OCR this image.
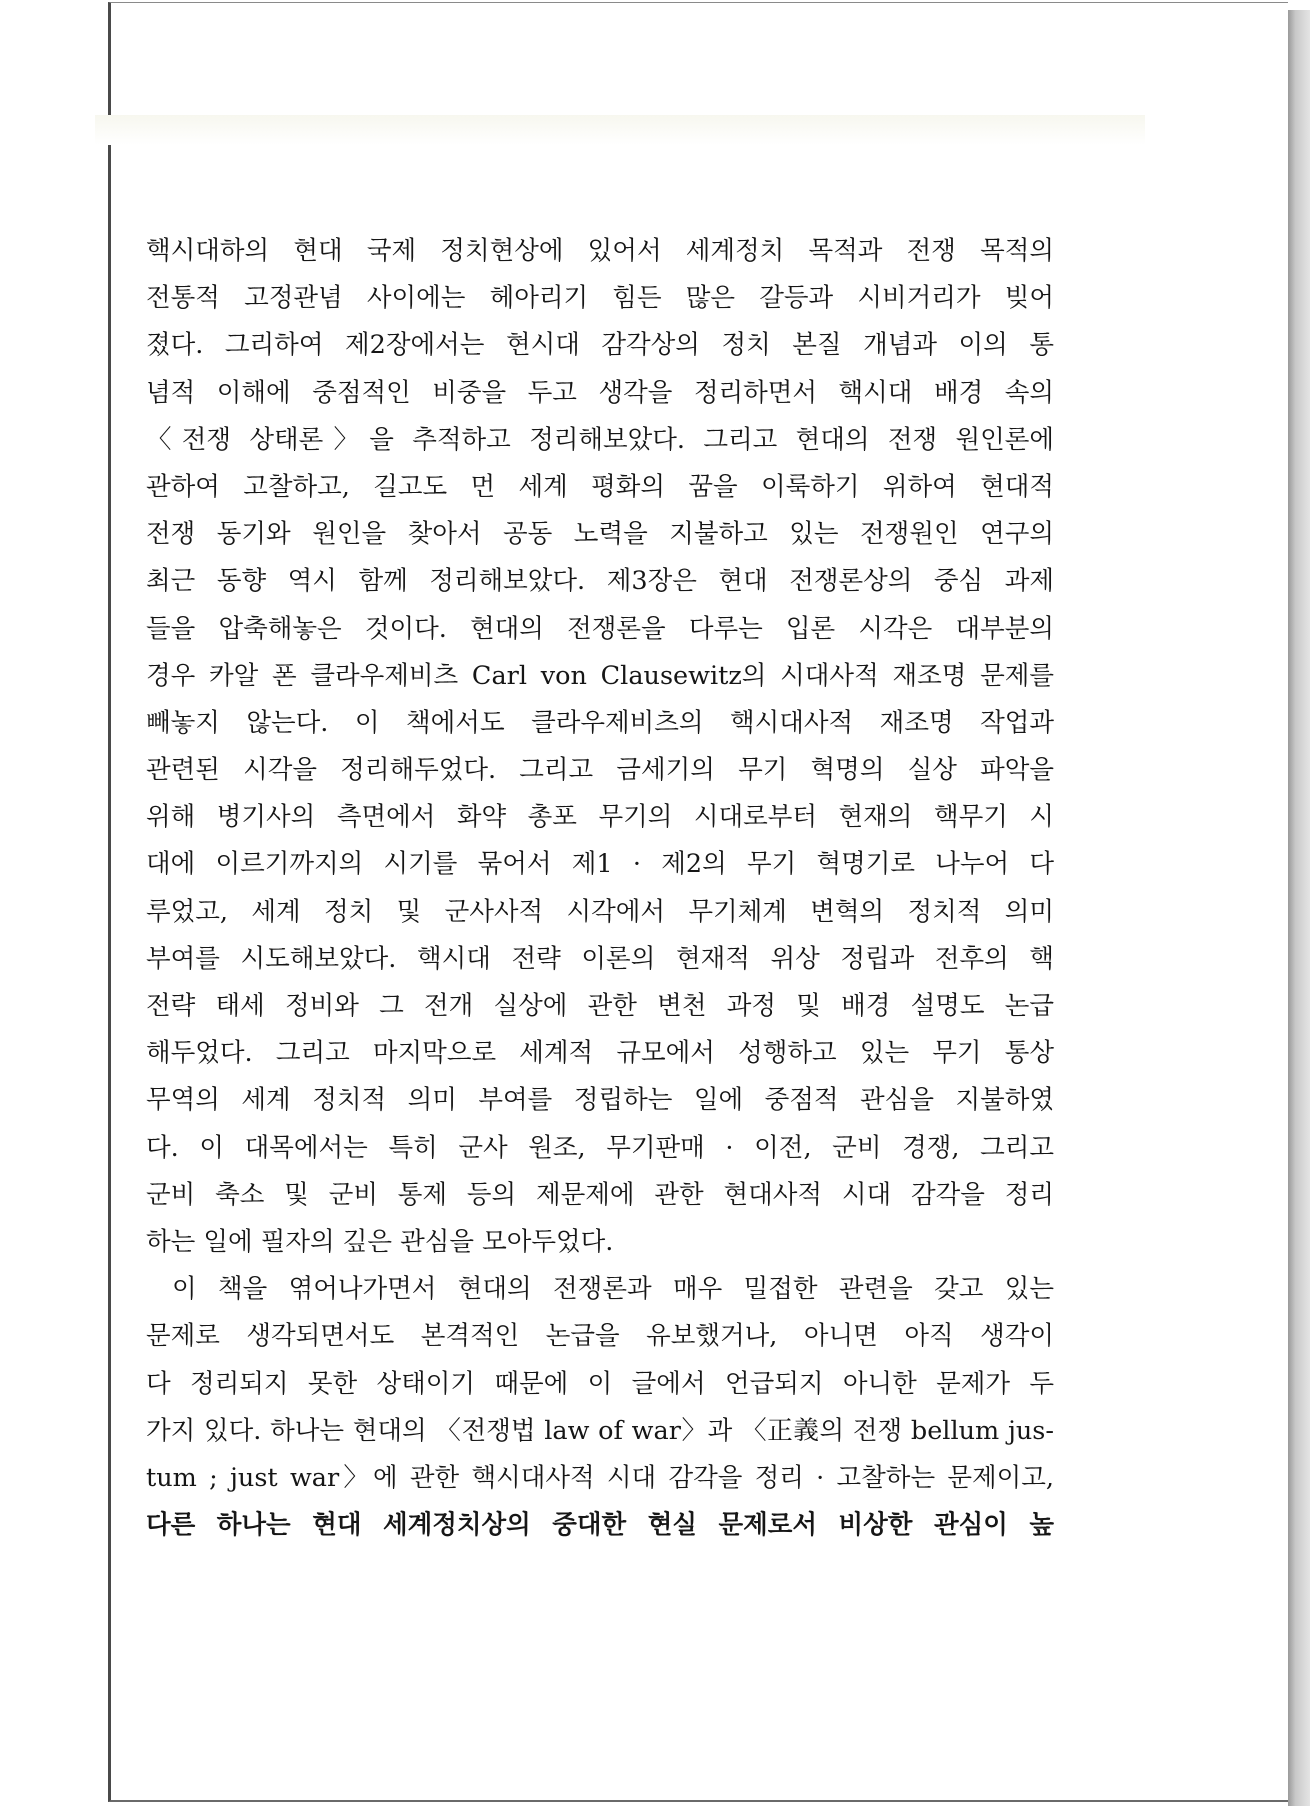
핵시대하의 현대 국제 정치현상에 있어서 세계정치 목적과 전쟁 목적의
전통적 고정관념 사이에는 헤아리기 힘든 많은 갈등과 시비거리가 빚어
졌다. 그리하여 제2장에서는 현시대 감각상의 정치 본질 개념과 이의 통
념적 이해에 중점적인 비중을 두고 생각을 정리하면서 핵시대 배경 속의
〈전쟁 상태론〉을 추적하고 정리해보았다. 그리고 현대의 전쟁 원인론에
관하여 고찰하고, 길고도 먼 세계 평화의 꿈을 이룩하기 위하여 현대적
전쟁 동기와 원인을 찾아서 공동 노력을 지불하고 있는 전쟁원인 연구의
최근 동향 역시 함께 정리해보았다. 제3장은 현대 전쟁론상의 중심 과제
들을 압축해놓은 것이다. 현대의 전쟁론을 다루는 입론 시각은 대부분의
경우 카알 폰 클라우제비츠 Carl von Clausewitz의 시대사적 재조명 문제를
빼놓지 않는다. 이 책에서도 클라우제비츠의 핵시대사적 재조명 작업과
관련된 시각을 정리해두었다. 그리고 금세기의 무기 혁명의 실상 파악을
위해 병기사의 측면에서 화약 총포 무기의 시대로부터 현재의 핵무기 시
대에 이르기까지의 시기를 묶어서 제1 · 제2의 무기 혁명기로 나누어 다
루었고, 세계 정치 및 군사사적 시각에서 무기체계 변혁의 정치적 의미
부여를 시도해보았다. 핵시대 전략 이론의 현재적 위상 정립과 전후의 핵
전략 태세 정비와 그 전개 실상에 관한 변천 과정 및 배경 설명도 논급
해두었다. 그리고 마지막으로 세계적 규모에서 성행하고 있는 무기 통상
무역의 세계 정치적 의미 부여를 정립하는 일에 중점적 관심을 지불하였
다. 이 대목에서는 특히 군사 원조, 무기판매 · 이전, 군비 경쟁, 그리고
군비 축소 및 군비 통제 등의 제문제에 관한 현대사적 시대 감각을 정리
하는 일에 필자의 깊은 관심을 모아두었다.
이 책을 엮어나가면서 현대의 전쟁론과 매우 밀접한 관련을 갖고 있는
문제로 생각되면서도 본격적인 논급을 유보했거나, 아니면 아직 생각이
다 정리되지 못한 상태이기 때문에 이 글에서 언급되지 아니한 문제가 두
가지 있다. 하나는 현대의 〈전쟁법 law of war〉과 〈正義의 전쟁 bellum jus-
tum ; just war〉에 관한 핵시대사적 시대 감각을 정리 · 고찰하는 문제이고,
다른 하나는 현대 세계정치상의 중대한 현실 문제로서 비상한 관심이 높
